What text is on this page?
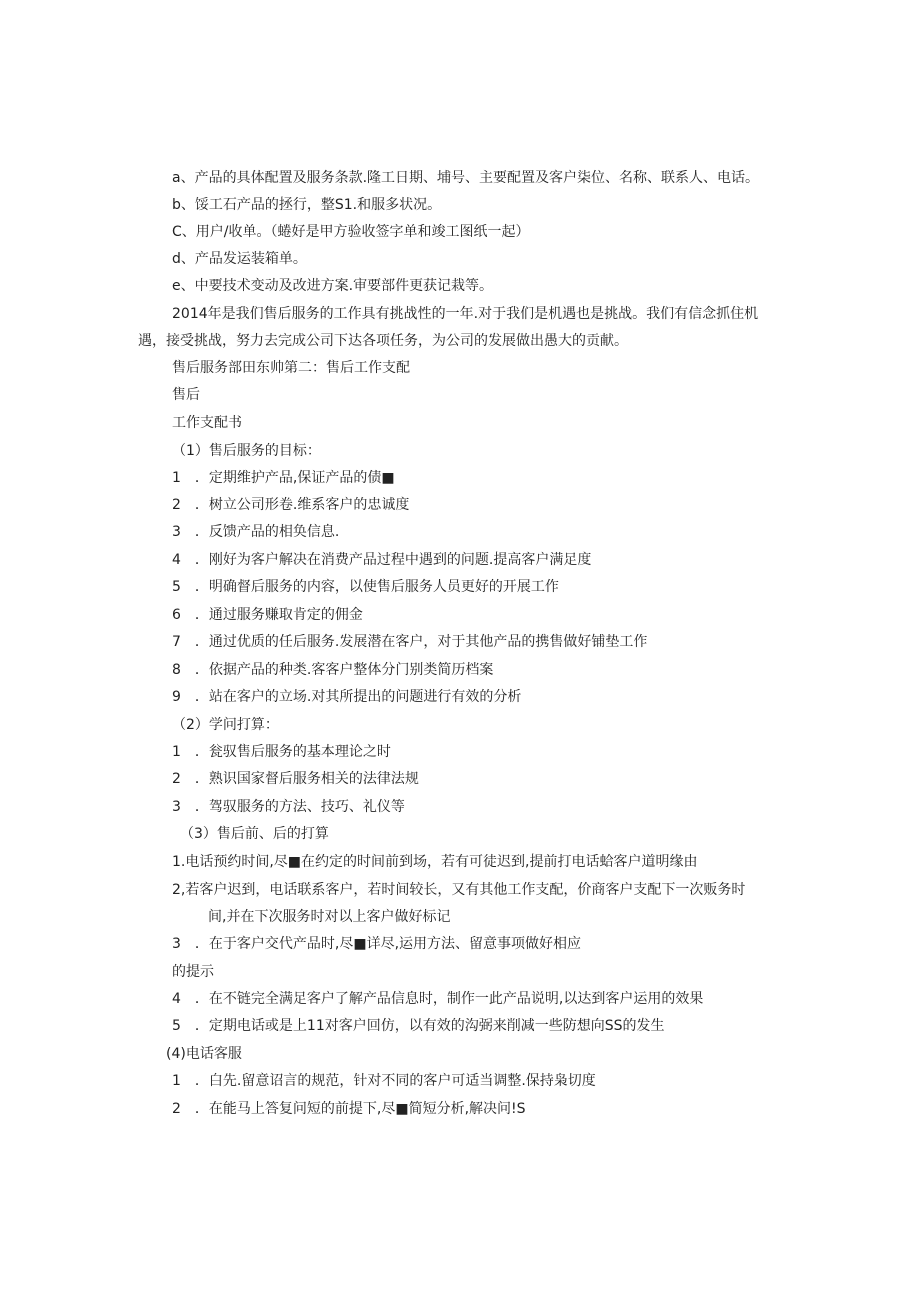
a、产品的具体配置及服务条款.隆工日期、埔号、主要配置及客户柒位、名称、联系人、电话。
b、馁工石产品的拯行，整S1.和服多状况。
C、用户/收单。（蜷好是甲方验收签字单和竣工图纸一起）
d、产品发运装箱单。
e、中要技术变动及改进方案.审要部件更获记栽等。
2014年是我们售后服务的工作具有挑战性的一年.对于我们是机遇也是挑战。我们有信念抓住机
遇，接受挑战，努力去完成公司下达各项任务，为公司的发展做出愚大的贡献。
售后服务部田东帅第二：售后工作支配
售后
工作支配书
（1）售后服务的目标：
1　．定期维护产品,保证产品的债■
2　．树立公司形卷.维系客户的忠诚度
3　．反馈产品的相奂信息.
4　．刚好为客户解决在消费产品过程中遇到的问题.提高客户满足度
5　．明确督后服务的内容，以使售后服务人员更好的开展工作
6　．通过服务赚取肯定的佣金
7　．通过优质的任后服务.发展潜在客户，对于其他产品的携售做好铺垫工作
8　．依据产品的种类.客客户整体分门别类简历档案
9　．站在客户的立场.对其所提出的问题进行有效的分析
（2）学问打算：
1　．瓮驭售后服务的基本理论之时
2　．熟识国家督后服务相关的法律法规
3　．驾驭服务的方法、技巧、礼仪等
（3）售后前、后的打算
1.电话预约时间,尽■在约定的时间前到场，若有可徒迟到,提前打电话蛤客户道明缘由
2,若客户迟到，电话联系客户，若时间较长，又有其他工作支配，价商客户支配下一次贩务时
间,并在下次服务时对以上客户做好标记
3　．在于客户交代产品时,尽■详尽,运用方法、留意事项做好相应
的提示
4　．在不链完全满足客户了解产品信息时，制作一此产品说明,以达到客户运用的效果
5　．定期电话或是上11对客户回仿，以有效的沟弼来削减一些防想向SS的发生
(4)电话客服
1　．白先.留意诏言的规范，针对不同的客户可适当调整.保持枭切度
2　．在能马上答复问短的前提下,尽■简短分析,解决问!S
